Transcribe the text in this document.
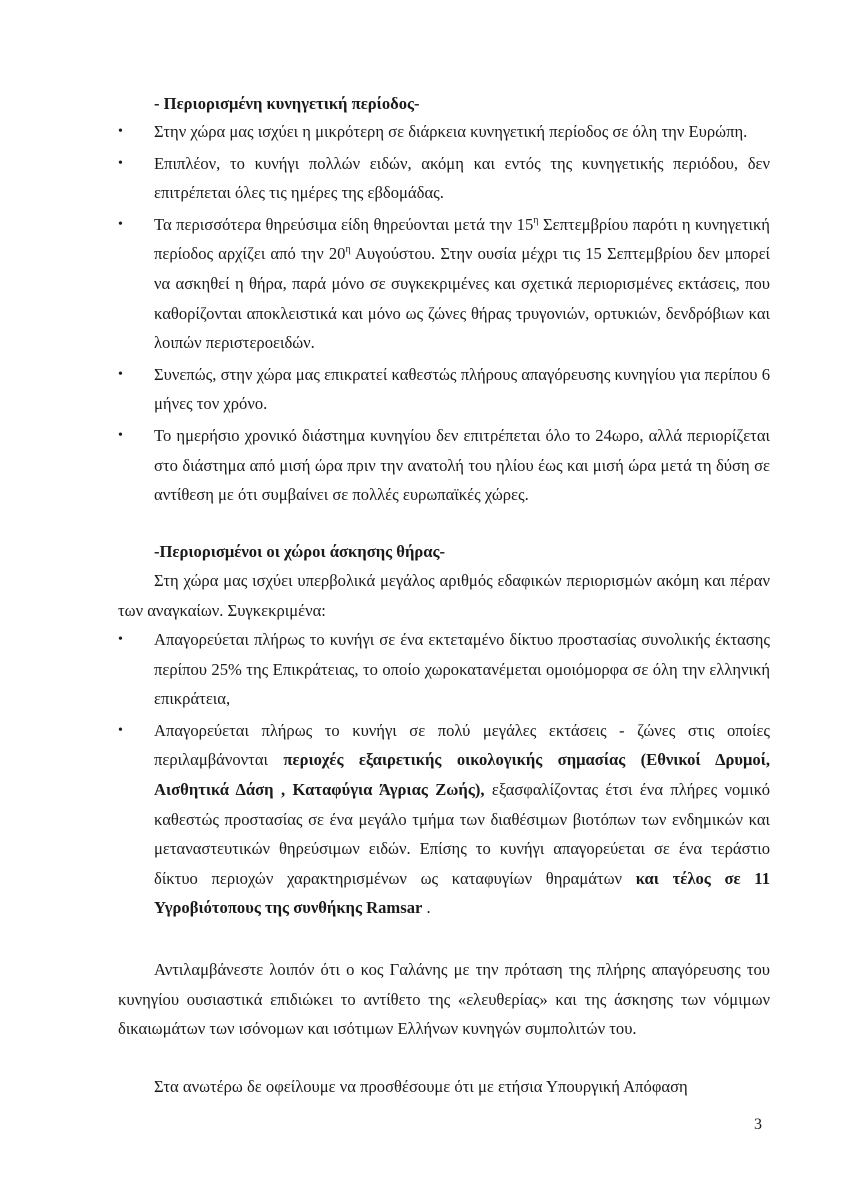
- Περιορισμένη κυνηγετική περίοδος-

•	Στην χώρα μας ισχύει η μικρότερη σε διάρκεια κυνηγετική περίοδος σε όλη την Ευρώπη.
•	Επιπλέον, το κυνήγι πολλών ειδών, ακόμη και εντός της κυνηγετικής περιόδου, δεν επιτρέπεται όλες τις ημέρες της εβδομάδας.
•	Τα περισσότερα θηρεύσιμα είδη θηρεύονται μετά την $15^\eta$ Σεπτεμβρίου παρότι η κυνηγετική περίοδος αρχίζει από την $20^\eta$ Αυγούστου. Στην ουσία μέχρι τις 15 Σεπτεμβρίου δεν μπορεί να ασκηθεί η θήρα, παρά μόνο σε συγκεκριμένες και σχετικά περιορισμένες εκτάσεις, που καθορίζονται αποκλειστικά και μόνο ως ζώνες θήρας τρυγονιών, ορτυκιών, δενδρόβιων και λοιπών περιστεροειδών.
•	Συνεπώς, στην χώρα μας επικρατεί καθεστώς πλήρους απαγόρευσης κυνηγίου για περίπου 6 μήνες τον χρόνο.
•	Το ημερήσιο χρονικό διάστημα κυνηγίου δεν επιτρέπεται όλο το 24ωρο, αλλά περιορίζεται στο διάστημα από μισή ώρα πριν την ανατολή του ηλίου έως και μισή ώρα μετά τη δύση σε αντίθεση με ότι συμβαίνει σε πολλές ευρωπαϊκές χώρες.

-Περιορισμένοι οι χώροι άσκησης θήρας-

Στη χώρα μας ισχύει υπερβολικά μεγάλος αριθμός εδαφικών περιορισμών ακόμη και πέραν των αναγκαίων. Συγκεκριμένα:

•	Απαγορεύεται πλήρως το κυνήγι σε ένα εκτεταμένο δίκτυο προστασίας συνολικής έκτασης περίπου 25% της Επικράτειας, το οποίο χωροκατανέμεται ομοιόμορφα σε όλη την ελληνική επικράτεια,
•	Απαγορεύεται πλήρως το κυνήγι σε πολύ μεγάλες εκτάσεις - ζώνες στις οποίες περιλαμβάνονται περιοχές εξαιρετικής οικολογικής σημασίας (Εθνικοί Δρυμοί, Αισθητικά Δάση , Καταφύγια Άγριας Ζωής), εξασφαλίζοντας έτσι ένα πλήρες νομικό καθεστώς προστασίας σε ένα μεγάλο τμήμα των διαθέσιμων βιοτόπων των ενδημικών και μεταναστευτικών θηρεύσιμων ειδών. Επίσης το κυνήγι απαγορεύεται σε ένα τεράστιο δίκτυο περιοχών χαρακτηρισμένων ως καταφυγίων θηραμάτων και τέλος σε 11 Υγροβιότοπους της συνθήκης Ramsar .

Αντιλαμβάνεστε λοιπόν ότι ο κος Γαλάνης με την πρόταση της πλήρης απαγόρευσης του κυνηγίου ουσιαστικά επιδιώκει το αντίθετο της «ελευθερίας» και της άσκησης των νόμιμων δικαιωμάτων των ισόνομων και ισότιμων Ελλήνων κυνηγών συμπολιτών του.

Στα ανωτέρω δε οφείλουμε να προσθέσουμε ότι με ετήσια Υπουργική Απόφαση

3
